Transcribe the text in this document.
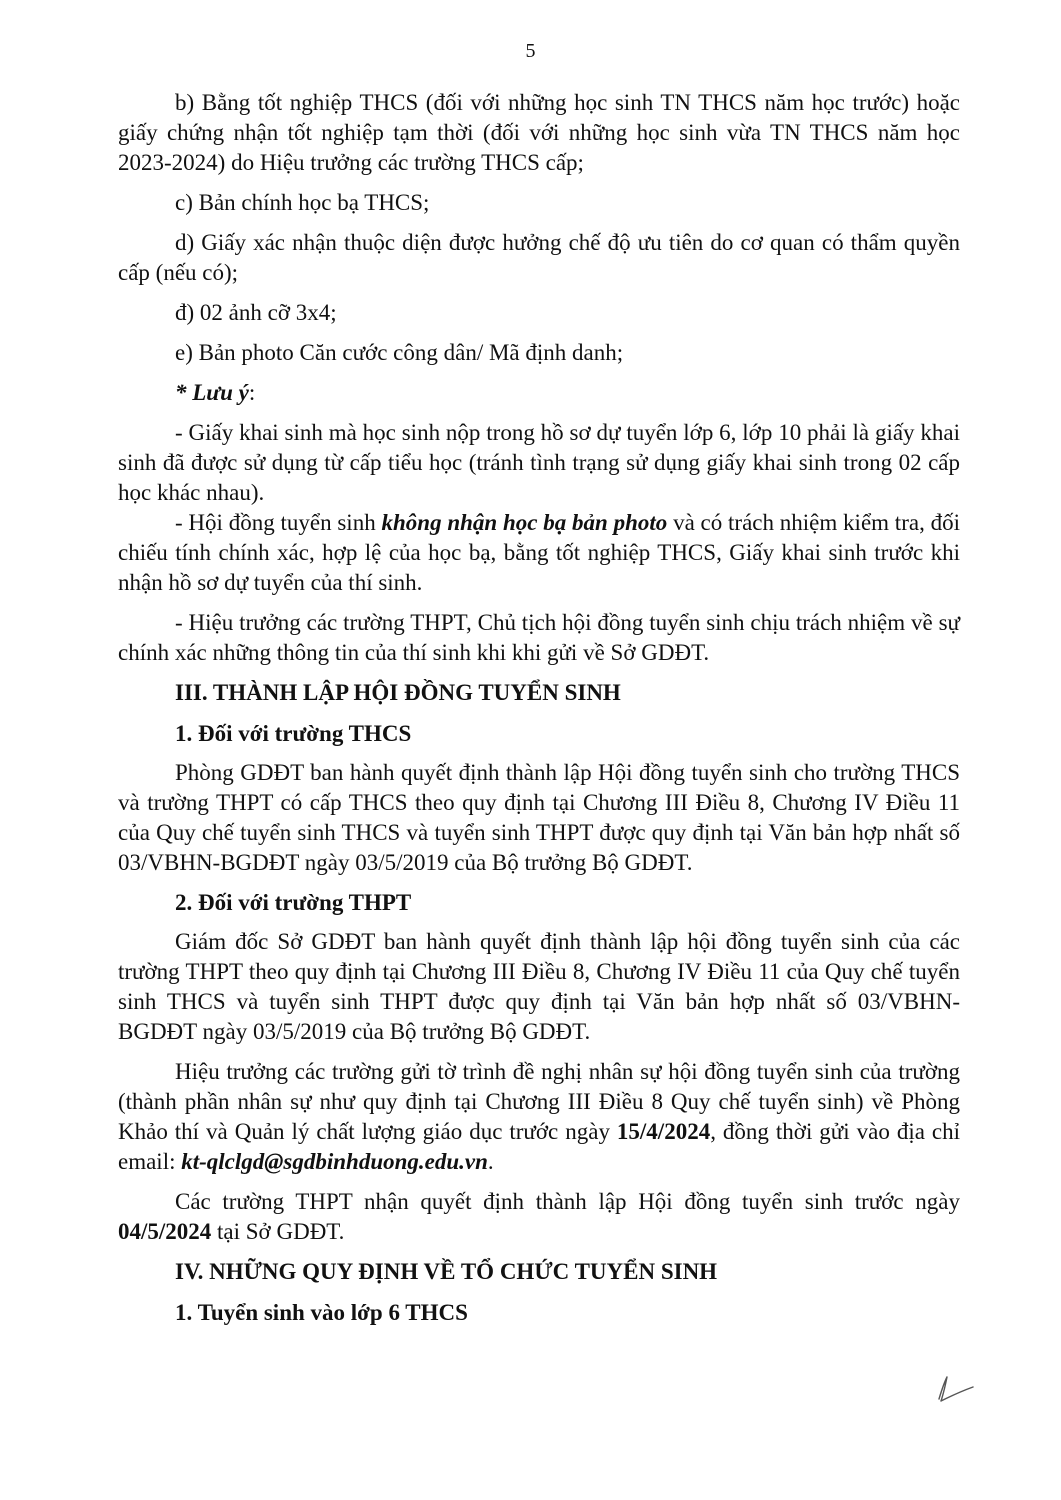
5

b) Bằng tốt nghiệp THCS (đối với những học sinh TN THCS năm học trước) hoặc giấy chứng nhận tốt nghiệp tạm thời (đối với những học sinh vừa TN THCS năm học 2023-2024) do Hiệu trưởng các trường THCS cấp;

c) Bản chính học bạ THCS;

d) Giấy xác nhận thuộc diện được hưởng chế độ ưu tiên do cơ quan có thẩm quyền cấp (nếu có);

đ) 02 ảnh cỡ 3x4;

e) Bản photo Căn cước công dân/ Mã định danh;

* Lưu ý:

- Giấy khai sinh mà học sinh nộp trong hồ sơ dự tuyển lớp 6, lớp 10 phải là giấy khai sinh đã được sử dụng từ cấp tiểu học (tránh tình trạng sử dụng giấy khai sinh trong 02 cấp học khác nhau).

- Hội đồng tuyển sinh không nhận học bạ bản photo và có trách nhiệm kiểm tra, đối chiếu tính chính xác, hợp lệ của học bạ, bằng tốt nghiệp THCS, Giấy khai sinh trước khi nhận hồ sơ dự tuyển của thí sinh.

- Hiệu trưởng các trường THPT, Chủ tịch hội đồng tuyển sinh chịu trách nhiệm về sự chính xác những thông tin của thí sinh khi khi gửi về Sở GDĐT.

III. THÀNH LẬP HỘI ĐỒNG TUYỂN SINH
1. Đối với trường THCS

Phòng GDĐT ban hành quyết định thành lập Hội đồng tuyển sinh cho trường THCS và trường THPT có cấp THCS theo quy định tại Chương III Điều 8, Chương IV Điều 11 của Quy chế tuyển sinh THCS và tuyển sinh THPT được quy định tại Văn bản hợp nhất số 03/VBHN-BGDĐT ngày 03/5/2019 của Bộ trưởng Bộ GDĐT.

2. Đối với trường THPT

Giám đốc Sở GDĐT ban hành quyết định thành lập hội đồng tuyển sinh của các trường THPT theo quy định tại Chương III Điều 8, Chương IV Điều 11 của Quy chế tuyển sinh THCS và tuyển sinh THPT được quy định tại Văn bản hợp nhất số 03/VBHN-BGDĐT ngày 03/5/2019 của Bộ trưởng Bộ GDĐT.

Hiệu trưởng các trường gửi tờ trình đề nghị nhân sự hội đồng tuyển sinh của trường (thành phần nhân sự như quy định tại Chương III Điều 8 Quy chế tuyển sinh) về Phòng Khảo thí và Quản lý chất lượng giáo dục trước ngày 15/4/2024, đồng thời gửi vào địa chỉ email: kt-qlclgd@sgdbinhduong.edu.vn.

Các trường THPT nhận quyết định thành lập Hội đồng tuyển sinh trước ngày 04/5/2024 tại Sở GDĐT.

IV. NHỮNG QUY ĐỊNH VỀ TỔ CHỨC TUYỂN SINH
1. Tuyển sinh vào lớp 6 THCS
